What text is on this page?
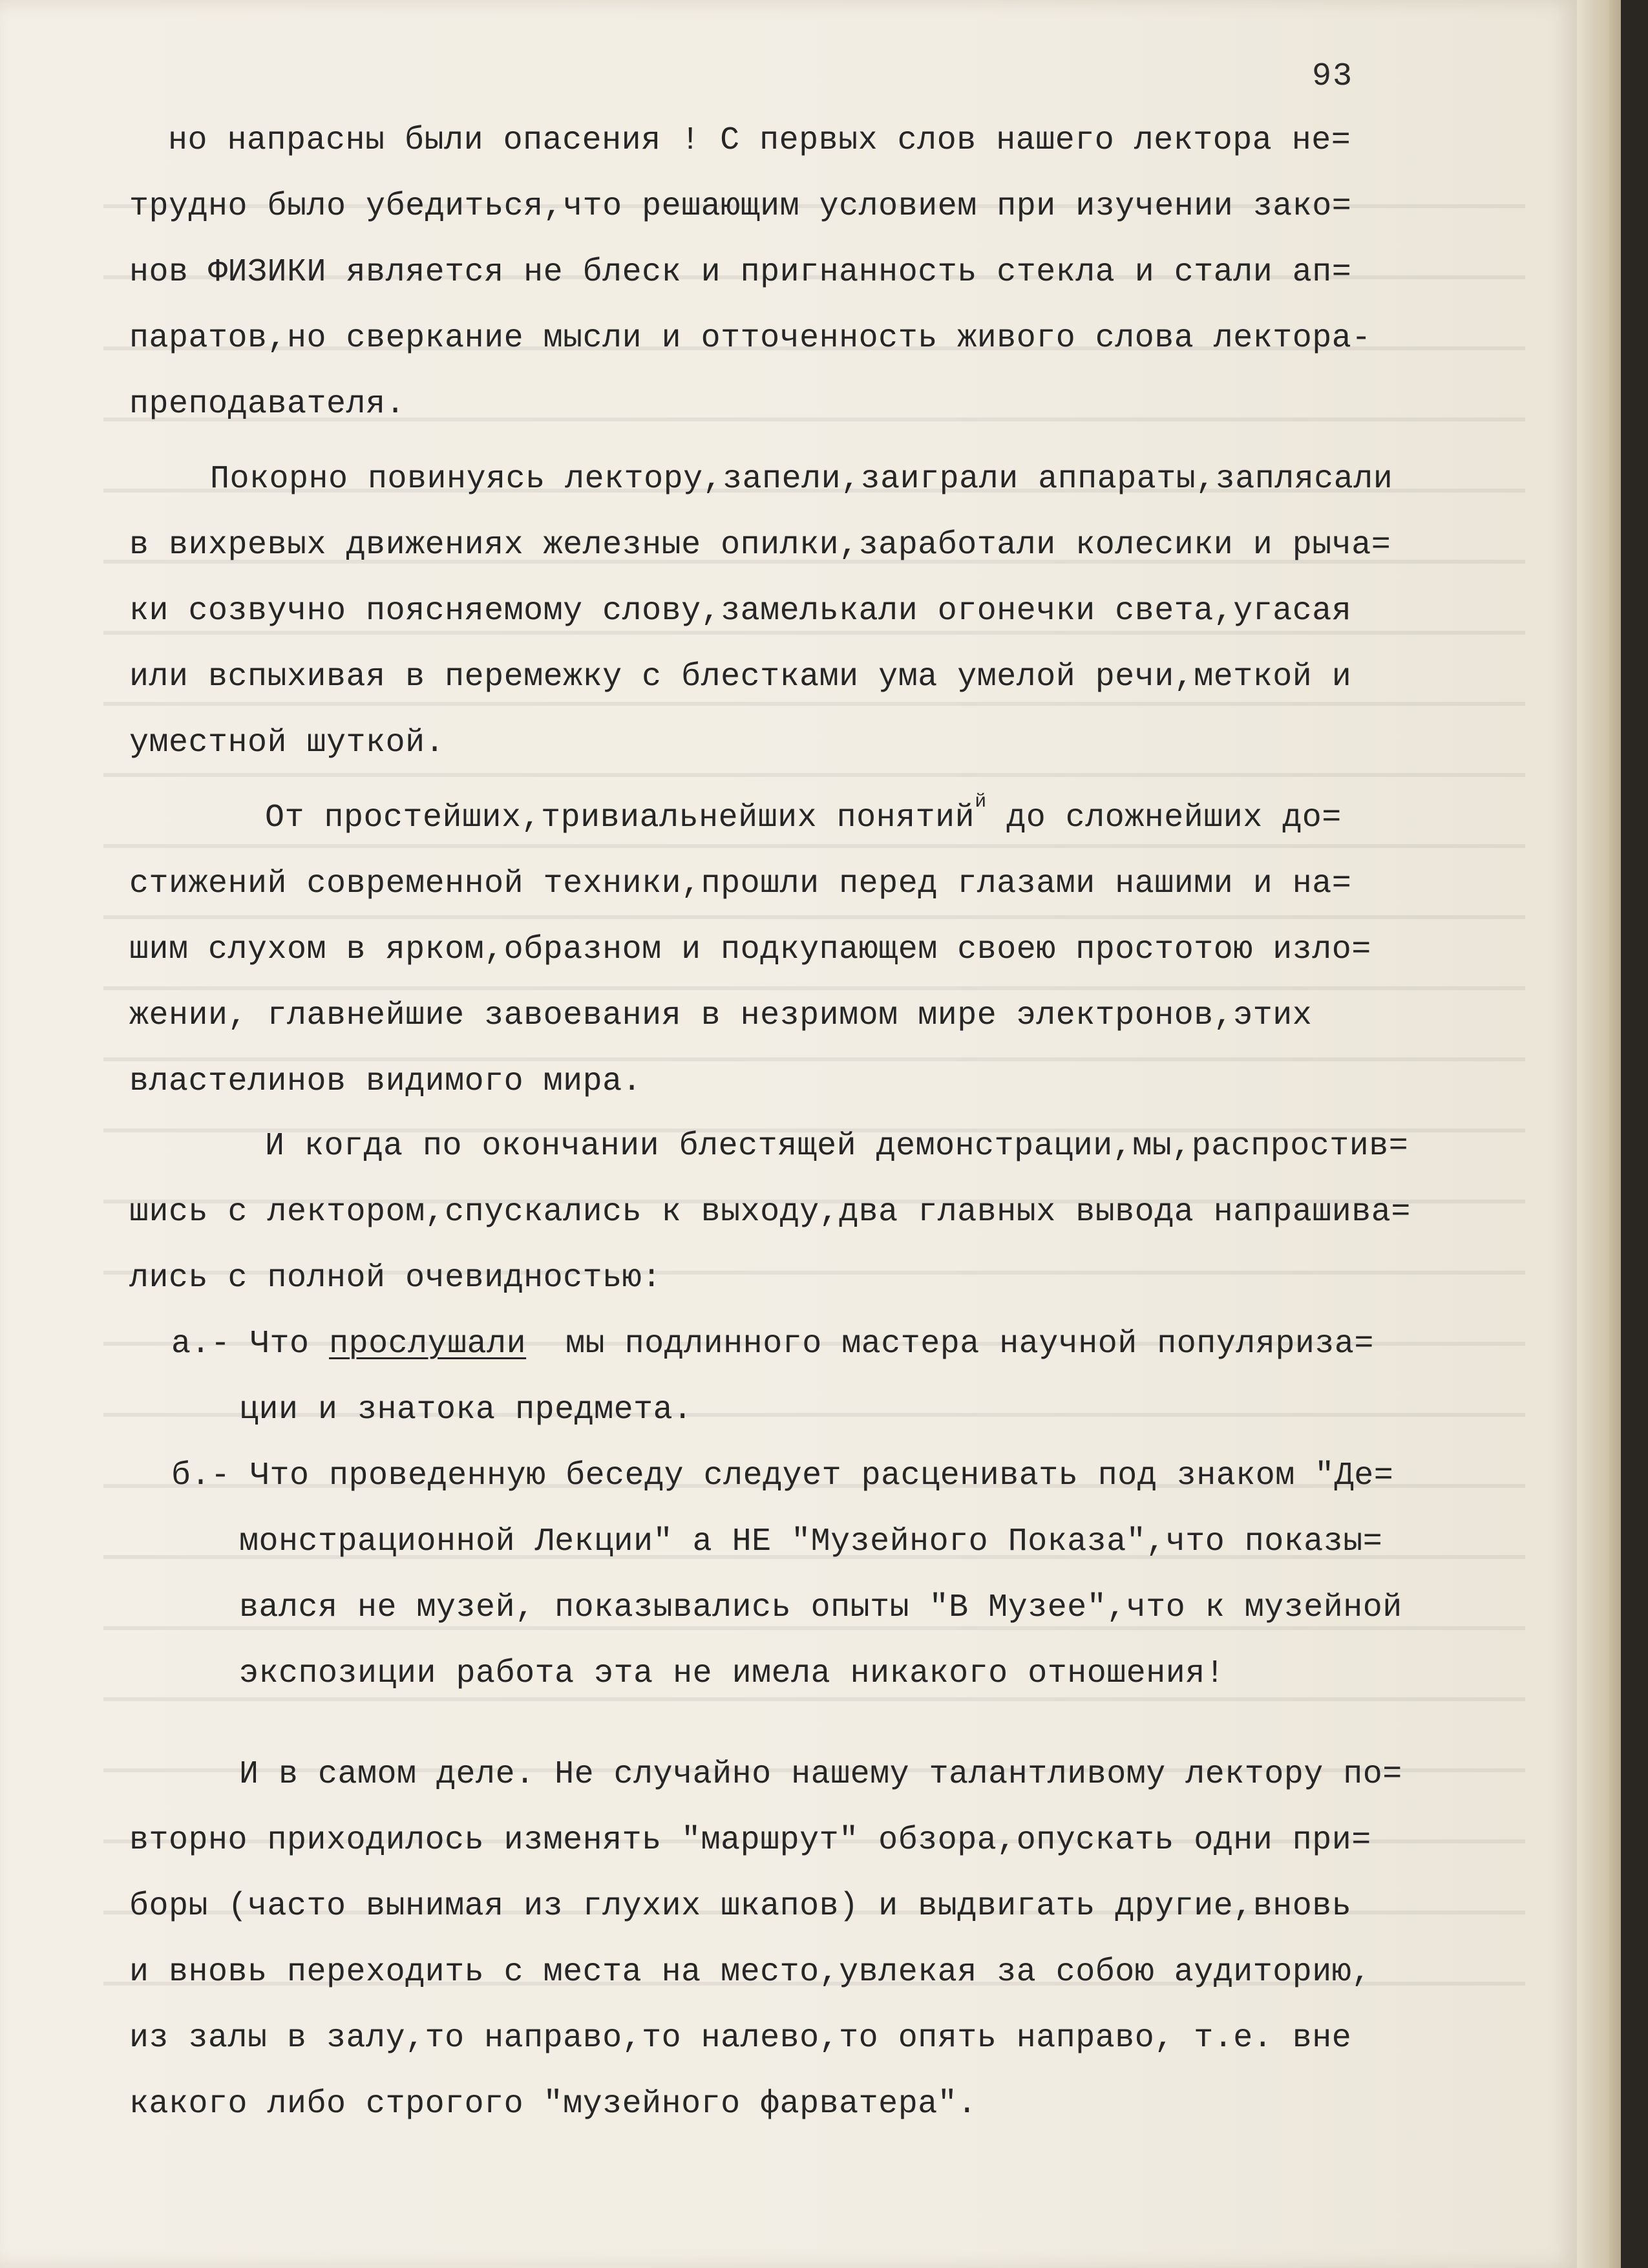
93
но напрасны были опасения ! С первых слов нашего лектора не=
трудно было убедиться,что решающим условием при изучении зако=
нов ФИЗИКИ является не блеск и пригнанность стекла и стали ап=
паратов,но сверкание мысли и отточенность живого слова лектора-
преподавателя.
Покорно повинуясь лектору,запели,заиграли аппараты,заплясали
в вихревых движениях железные опилки,заработали колесики и рыча=
ки созвучно поясняемому слову,замелькали огонечки света,угасая
или вспыхивая в перемежку с блестками ума умелой речи,меткой и
уместной шуткой.
От простейших,тривиальнейших понятий$^й$ до сложнейших до=
стижений современной техники,прошли перед глазами нашими и на=
шим слухом в ярком,образном и подкупающем своею простотою изло=
жении, главнейшие завоевания в незримом мире электронов,этих
властелинов видимого мира.
И когда по окончании блестящей демонстрации,мы,распростив=
шись с лектором,спускались к выходу,два главных вывода напрашива=
лись с полной очевидностью:
а.- Что прослушали мы подлинного мастера научной популяриза=
ции и знатока предмета.
б.- Что проведенную беседу следует расценивать под знаком "Де=
монстрационной Лекции" а НЕ "Музейного Показа",что показы=
вался не музей, показывались опыты "В Музее",что к музейной
экспозиции работа эта не имела никакого отношения!
И в самом деле. Не случайно нашему талантливому лектору по=
вторно приходилось изменять "маршрут" обзора,опускать одни при=
боры (часто вынимая из глухих шкапов) и выдвигать другие,вновь
и вновь переходить с места на место,увлекая за собою аудиторию,
из залы в залу,то направо,то налево,то опять направо, т.е. вне
какого либо строгого "музейного фарватера".
